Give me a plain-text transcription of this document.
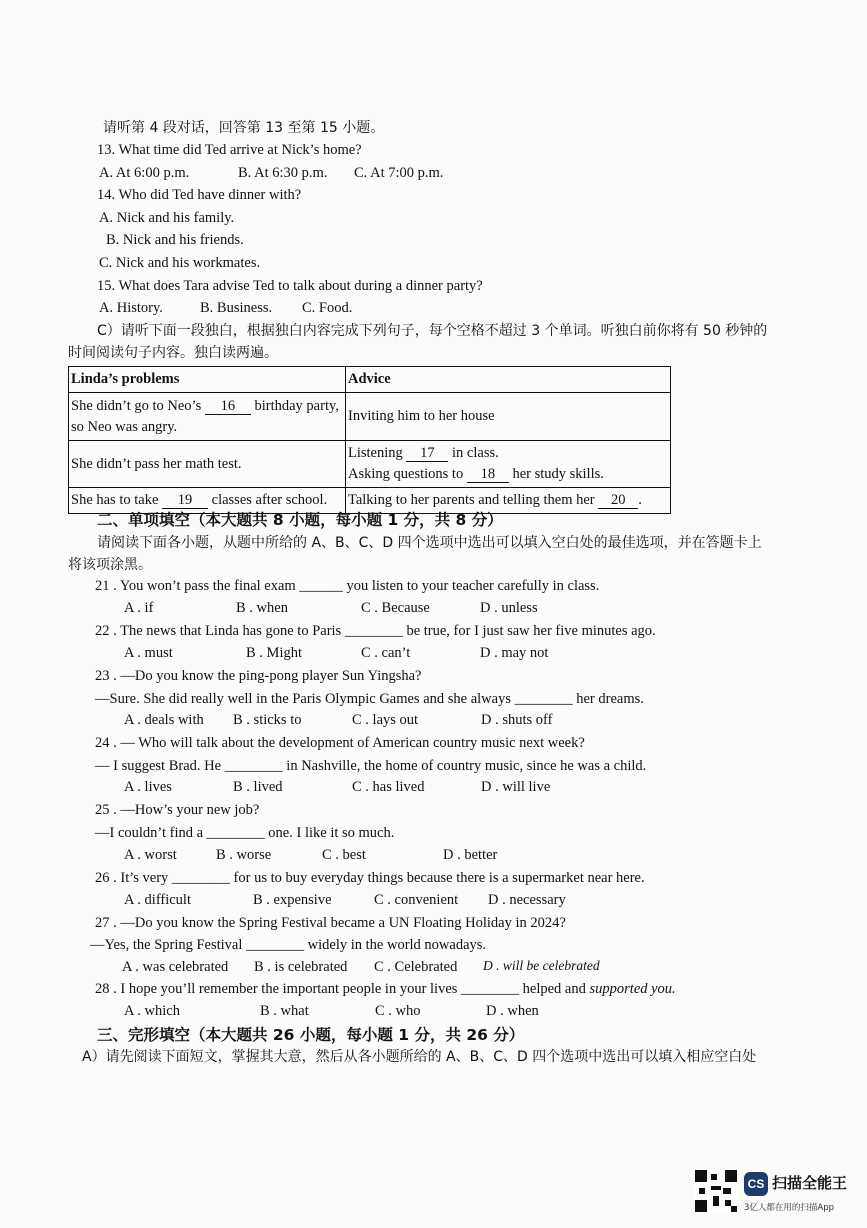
请听第 4 段对话，回答第 13 至第 15 小题。
13. What time did Ted arrive at Nick’s home?
A. At 6:00 p.m.	B. At 6:30 p.m. C. At 7:00 p.m.
14. Who did Ted have dinner with?
A. Nick and his family.
B. Nick and his friends.
C. Nick and his workmates.
15. What does Tara advise Ted to talk about during a dinner party?
A. History.	B. Business. C. Food.
C）请听下面一段独白，根据独白内容完成下列句子，每个空格不超过 3 个单词。听独白前你将有 50 秒钟的
时间阅读句子内容。独白读两遍。
Linda’s problems	Advice
She didn’t go to Neo’s 16 birthday party,
so Neo was angry.	Inviting him to her house
She didn’t pass her math test.	Listening 17 in class.
Asking questions to 18 her study skills.
She has to take 19 classes after school.	Talking to her parents and telling them her 20 .
二、单项填空（本大题共 8 小题，每小题 1 分，共 8 分）
请阅读下面各小题，从题中所给的 A、B、C、D 四个选项中选出可以填入空白处的最佳选项，并在答题卡上
将该项涂黑。
21 . You won’t pass the final exam ______ you listen to your teacher carefully in class.
A . if	B . when	C . Because	D . unless
22 . The news that Linda has gone to Paris ________ be true, for I just saw her five minutes ago.
A . must	B . Might	C . can’t	D . may not
23 . —Do you know the ping-pong player Sun Yingsha?
—Sure. She did really well in the Paris Olympic Games and she always ________ her dreams.
A . deals with B . sticks to	C . lays out	D . shuts off
24 . — Who will talk about the development of American country music next week?
— I suggest Brad. He ________ in Nashville, the home of country music, since he was a child.
A . lives	B . lived	C . has lived	D . will live
25 . —How’s your new job?
—I couldn’t find a ________ one. I like it so much.
A . worst	B . worse	C . best	D . better
26 . It’s very ________ for us to buy everyday things because there is a supermarket near here.
A . difficult	B . expensive	C . convenient D . necessary
27 . —Do you know the Spring Festival became a UN Floating Holiday in 2024?
—Yes, the Spring Festival ________ widely in the world nowadays.
A . was celebrated B . is celebrated C . Celebrated D . will be celebrated
28 . I hope you’ll remember the important people in your lives ________ helped and supported you.
A . which	B . what	C . who	D . when
三、完形填空（本大题共 26 小题，每小题 1 分，共 26 分）
A）请先阅读下面短文，掌握其大意，然后从各小题所给的 A、B、C、D 四个选项中选出可以填入相应空白处
CS 扫描全能王
3亿人都在用的扫描App
